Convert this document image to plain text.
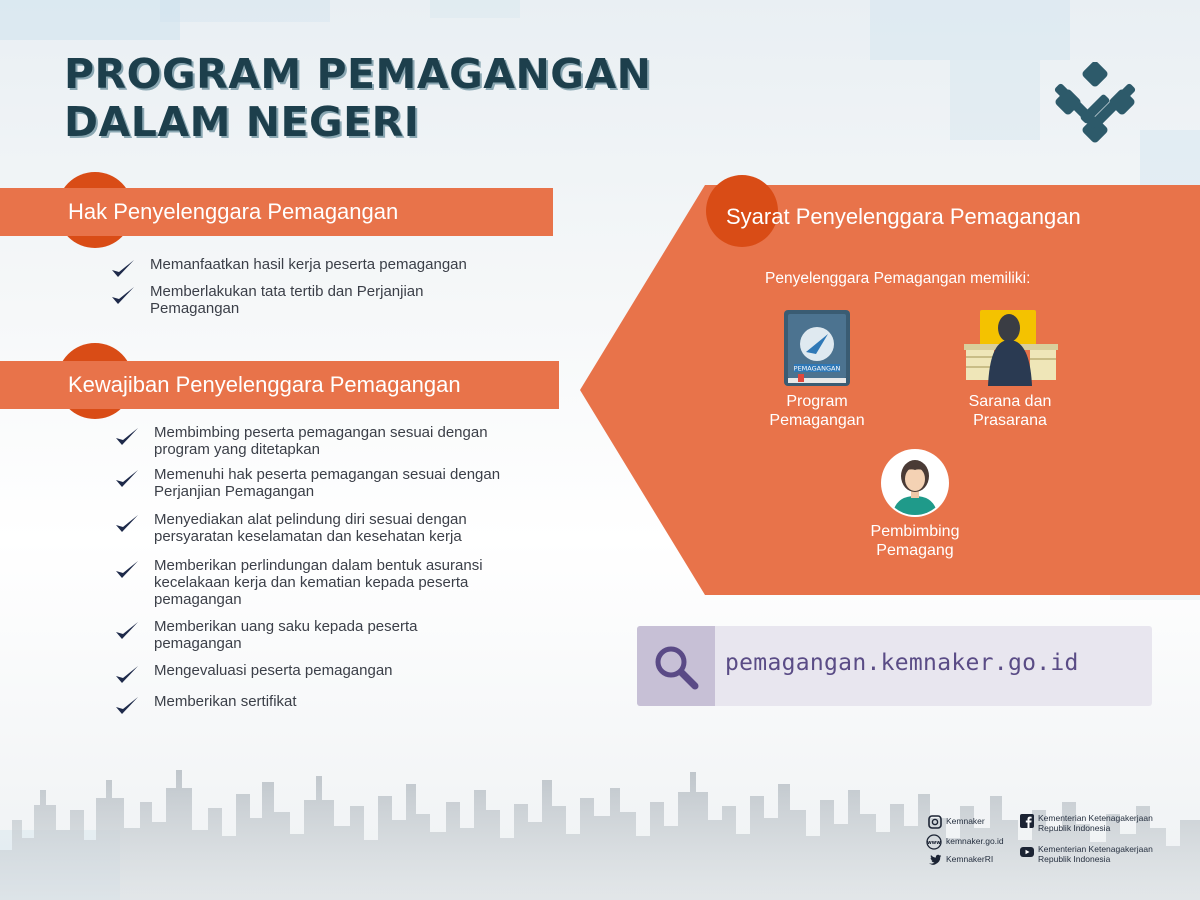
PROGRAM PEMAGANGAN
DALAM NEGERI
Hak Penyelenggara Pemagangan
Memanfaatkan hasil kerja peserta pemagangan
Memberlakukan tata tertib dan Perjanjian Pemagangan
Kewajiban Penyelenggara Pemagangan
Membimbing peserta pemagangan sesuai dengan program yang ditetapkan
Memenuhi hak peserta pemagangan sesuai dengan Perjanjian Pemagangan
Menyediakan alat pelindung diri sesuai dengan persyaratan keselamatan dan kesehatan kerja
Memberikan perlindungan dalam bentuk asuransi kecelakaan kerja dan kematian kepada peserta pemagangan
Memberikan uang saku kepada peserta pemagangan
Mengevaluasi peserta pemagangan
Memberikan sertifikat
Syarat Penyelenggara Pemagangan
Penyelenggara Pemagangan memiliki:
PEMAGANGAN
Program
Pemagangan
Sarana dan
Prasarana
Pembimbing
Pemagang
pemagangan.kemnaker.go.id
Kemnaker
www kemnaker.go.id
KemnakerRI
Kementerian Ketenagakerjaan
Republik Indonesia
Kementerian Ketenagakerjaan
Republik Indonesia
